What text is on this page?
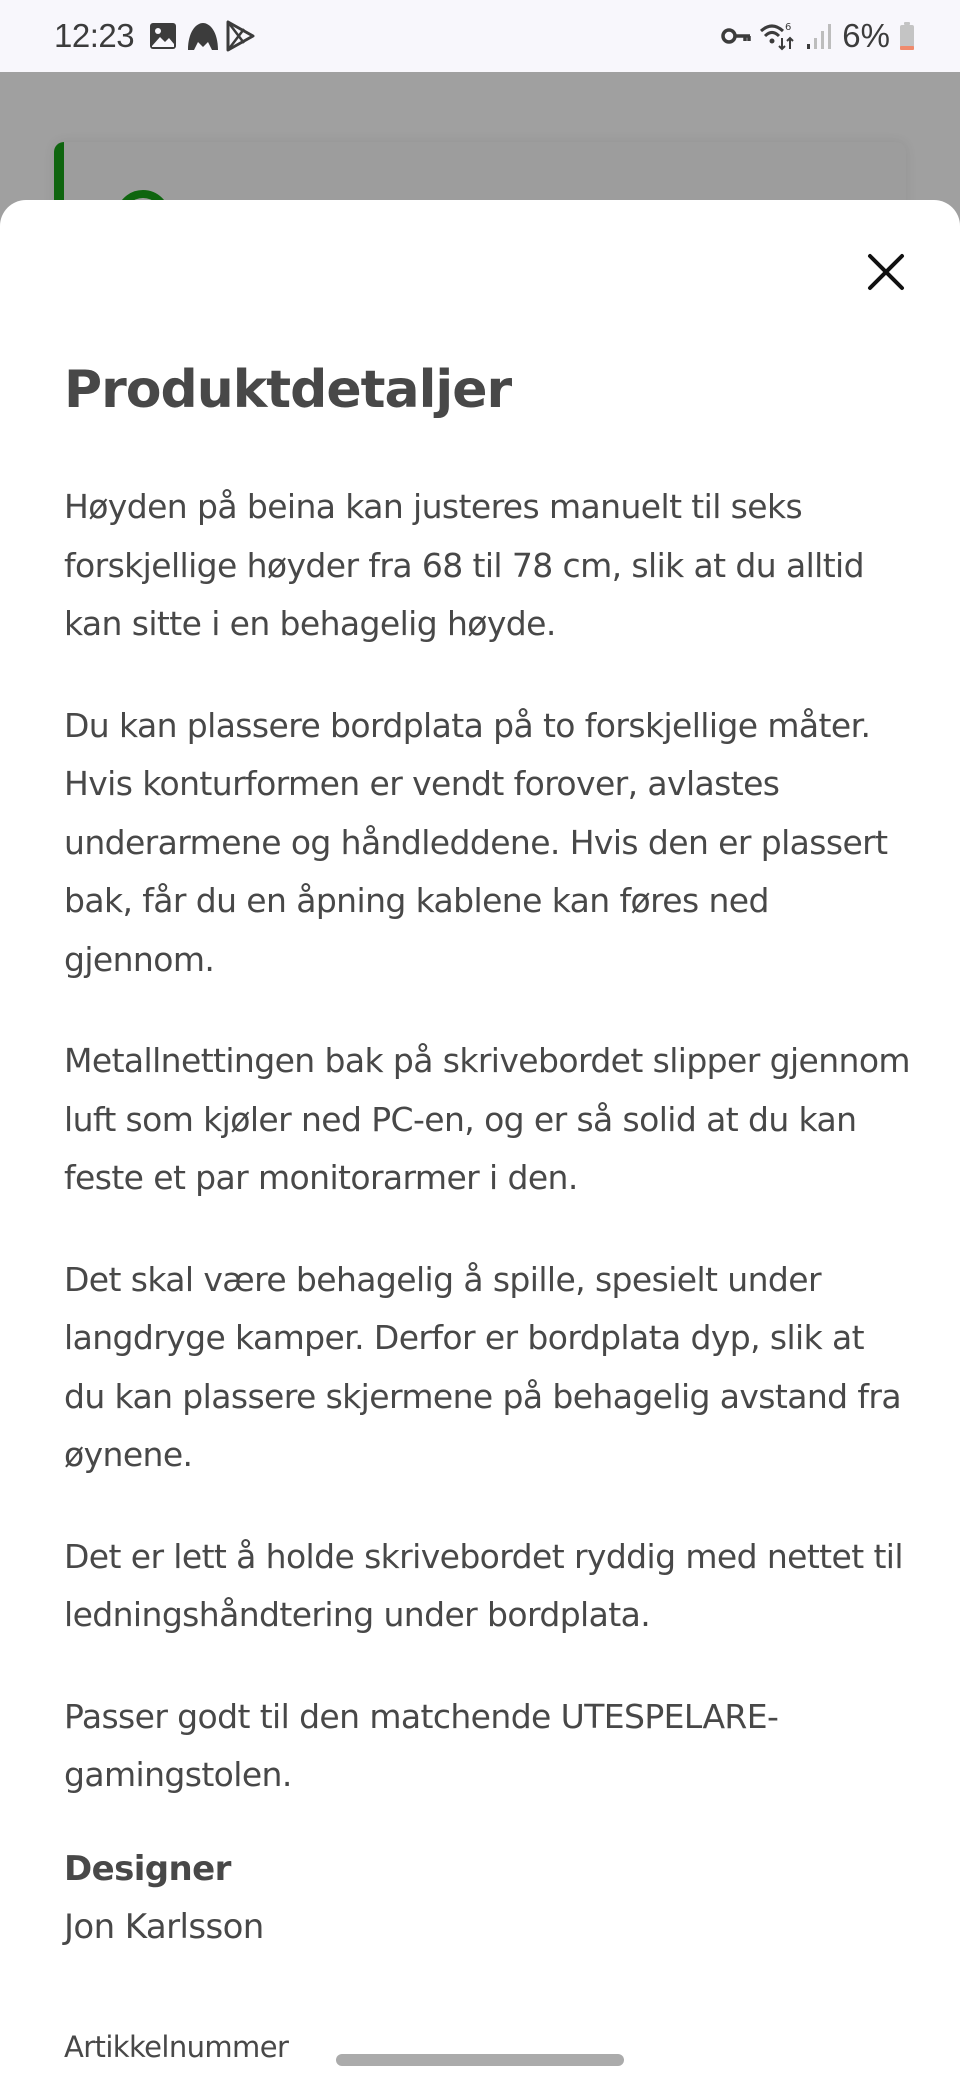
12:23	6 6%
Produktdetaljer

Høyden på beina kan justeres manuelt til seks forskjellige høyder fra 68 til 78 cm, slik at du alltid kan sitte i en behagelig høyde.

Du kan plassere bordplata på to forskjellige måter. Hvis konturformen er vendt forover, avlastes underarmene og håndleddene. Hvis den er plassert bak, får du en åpning kablene kan føres ned gjennom.

Metallnettingen bak på skrivebordet slipper gjennom luft som kjøler ned PC-en, og er så solid at du kan feste et par monitorarmer i den.

Det skal være behagelig å spille, spesielt under langdryge kamper. Derfor er bordplata dyp, slik at du kan plassere skjermene på behagelig avstand fra øynene.

Det er lett å holde skrivebordet ryddig med nettet til ledningshåndtering under bordplata.

Passer godt til den matchende UTESPELARE-gamingstolen.

Designer
Jon Karlsson
Artikkelnummer
